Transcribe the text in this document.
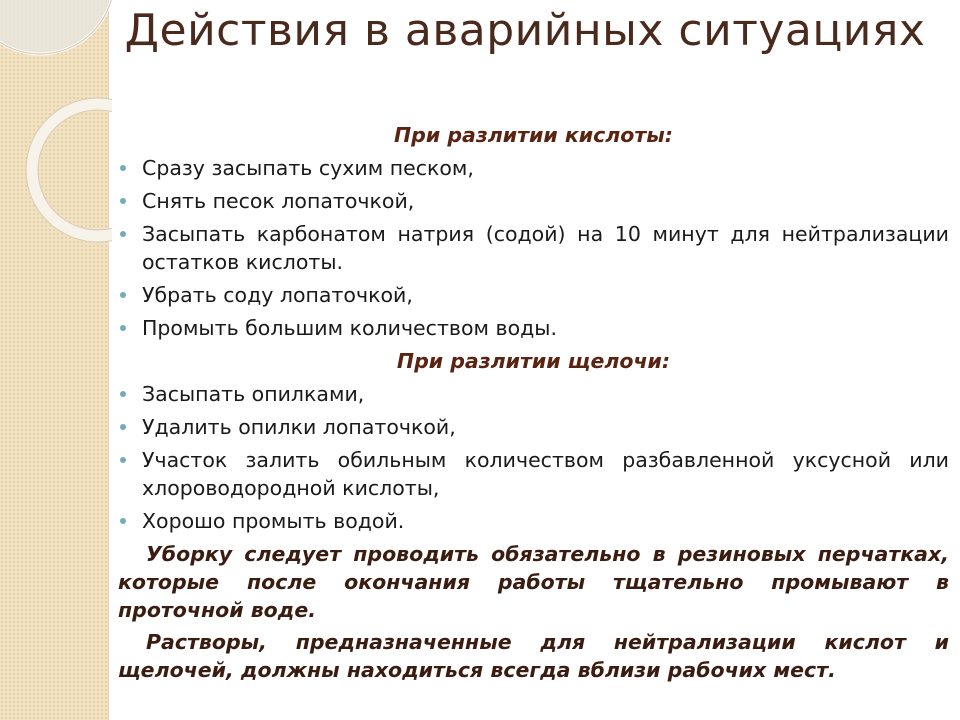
Действия в аварийных ситуациях
При разлитии кислоты:
Сразу засыпать сухим песком,
Снять песок лопаточкой,
Засыпать карбонатом натрия (содой) на 10 минут для нейтрализации остатков кислоты.
Убрать соду лопаточкой,
Промыть большим количеством воды.
При разлитии щелочи:
Засыпать опилками,
Удалить опилки лопаточкой,
Участок залить обильным количеством разбавленной уксусной или хлороводородной кислоты,
Хорошо промыть водой.
Уборку следует проводить обязательно в резиновых перчатках, которые после окончания работы тщательно промывают в проточной воде.
Растворы, предназначенные для нейтрализации кислот и щелочей, должны находиться всегда вблизи рабочих мест.
